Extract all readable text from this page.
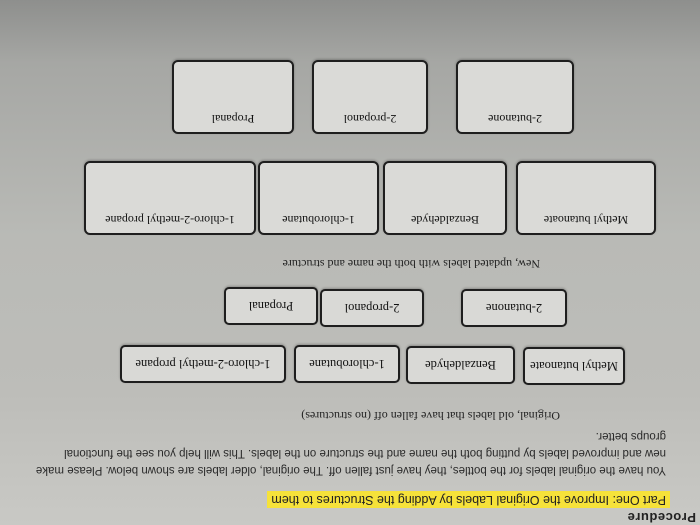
Procedure
Part One: Improve the Original Labels by Adding the Structures to them
You have the original labels for the bottles, they have just fallen off. The original, older labels are shown below. Please make new and improved labels by putting both the name and the structure on the labels. This will help you see the functional groups better.
Original, old labels that have fallen off (no structures)
Methyl butanoate
Benzaldehyde
1-chlorobutane
1-chloro-2-methyl propane
2-butanone
2-propanol
Propanal
New, updated labels with both the name and structure
Methyl butanoate
Benzaldehyde
1-chlorobutane
1-chloro-2-methyl propane
2-butanone
2-propanol
Propanal
